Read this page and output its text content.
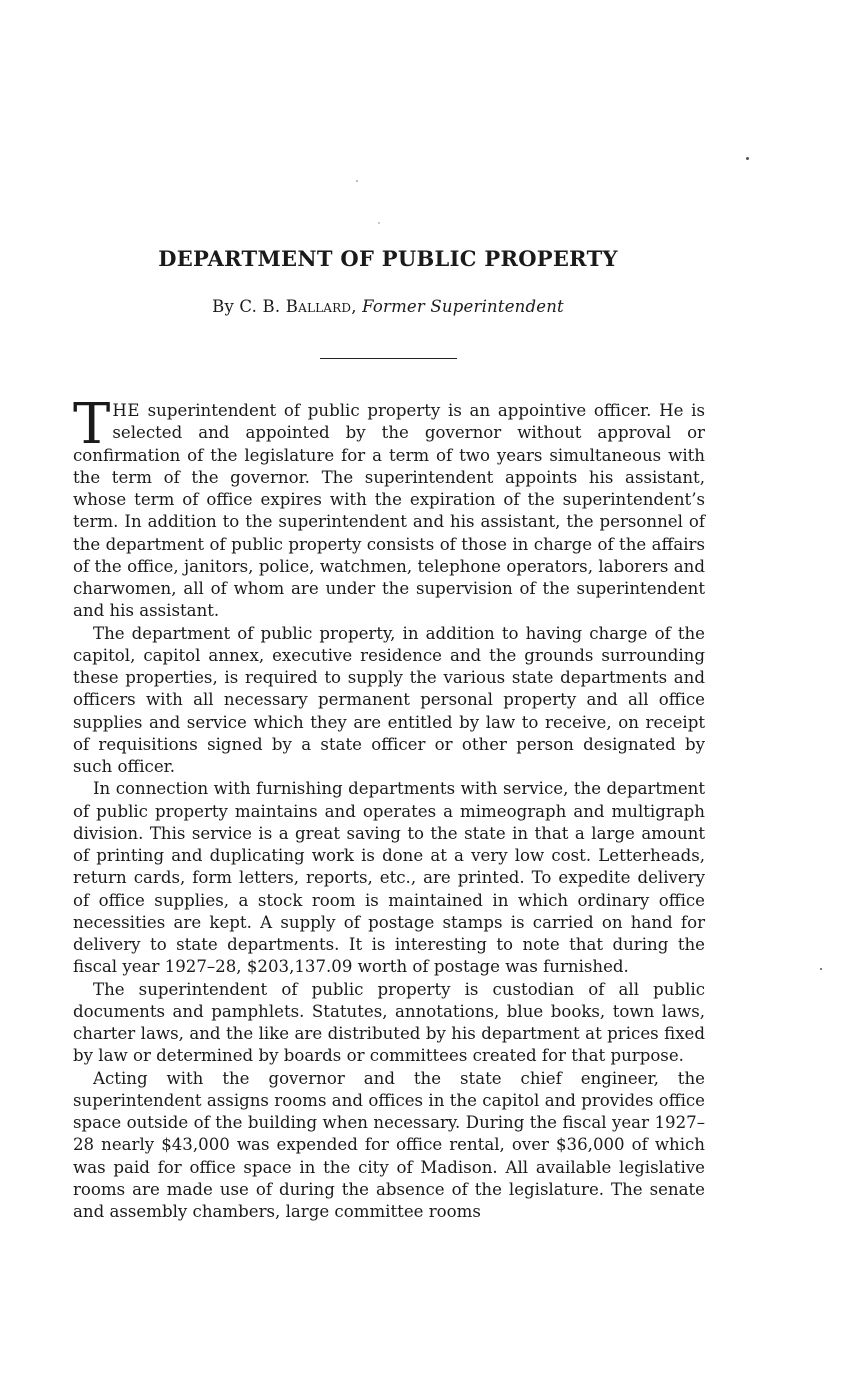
DEPARTMENT OF PUBLIC PROPERTY

By C. B. Ballard, Former Superintendent

THE superintendent of public property is an appointive officer. He is selected and appointed by the governor without approval or confirmation of the legislature for a term of two years simultaneous with the term of the governor. The superintendent appoints his assistant, whose term of office expires with the expiration of the superintendent’s term. In addition to the superintendent and his assistant, the personnel of the department of public property consists of those in charge of the affairs of the office, janitors, police, watchmen, telephone operators, laborers and charwomen, all of whom are under the supervision of the superintendent and his assistant.

The department of public property, in addition to having charge of the capitol, capitol annex, executive residence and the grounds surrounding these properties, is required to supply the various state departments and officers with all necessary permanent personal property and all office supplies and service which they are entitled by law to receive, on receipt of requisitions signed by a state officer or other person designated by such officer.

In connection with furnishing departments with service, the department of public property maintains and operates a mimeograph and multigraph division. This service is a great saving to the state in that a large amount of printing and duplicating work is done at a very low cost. Letterheads, return cards, form letters, reports, etc., are printed. To expedite delivery of office supplies, a stock room is maintained in which ordinary office necessities are kept. A supply of postage stamps is carried on hand for delivery to state departments. It is interesting to note that during the fiscal year 1927–28, $203,137.09 worth of postage was furnished.

The superintendent of public property is custodian of all public documents and pamphlets. Statutes, annotations, blue books, town laws, charter laws, and the like are distributed by his department at prices fixed by law or determined by boards or committees created for that purpose.

Acting with the governor and the state chief engineer, the superintendent assigns rooms and offices in the capitol and provides office space outside of the building when necessary. During the fiscal year 1927–28 nearly $43,000 was expended for office rental, over $36,000 of which was paid for office space in the city of Madison. All available legislative rooms are made use of during the absence of the legislature. The senate and assembly chambers, large committee rooms
